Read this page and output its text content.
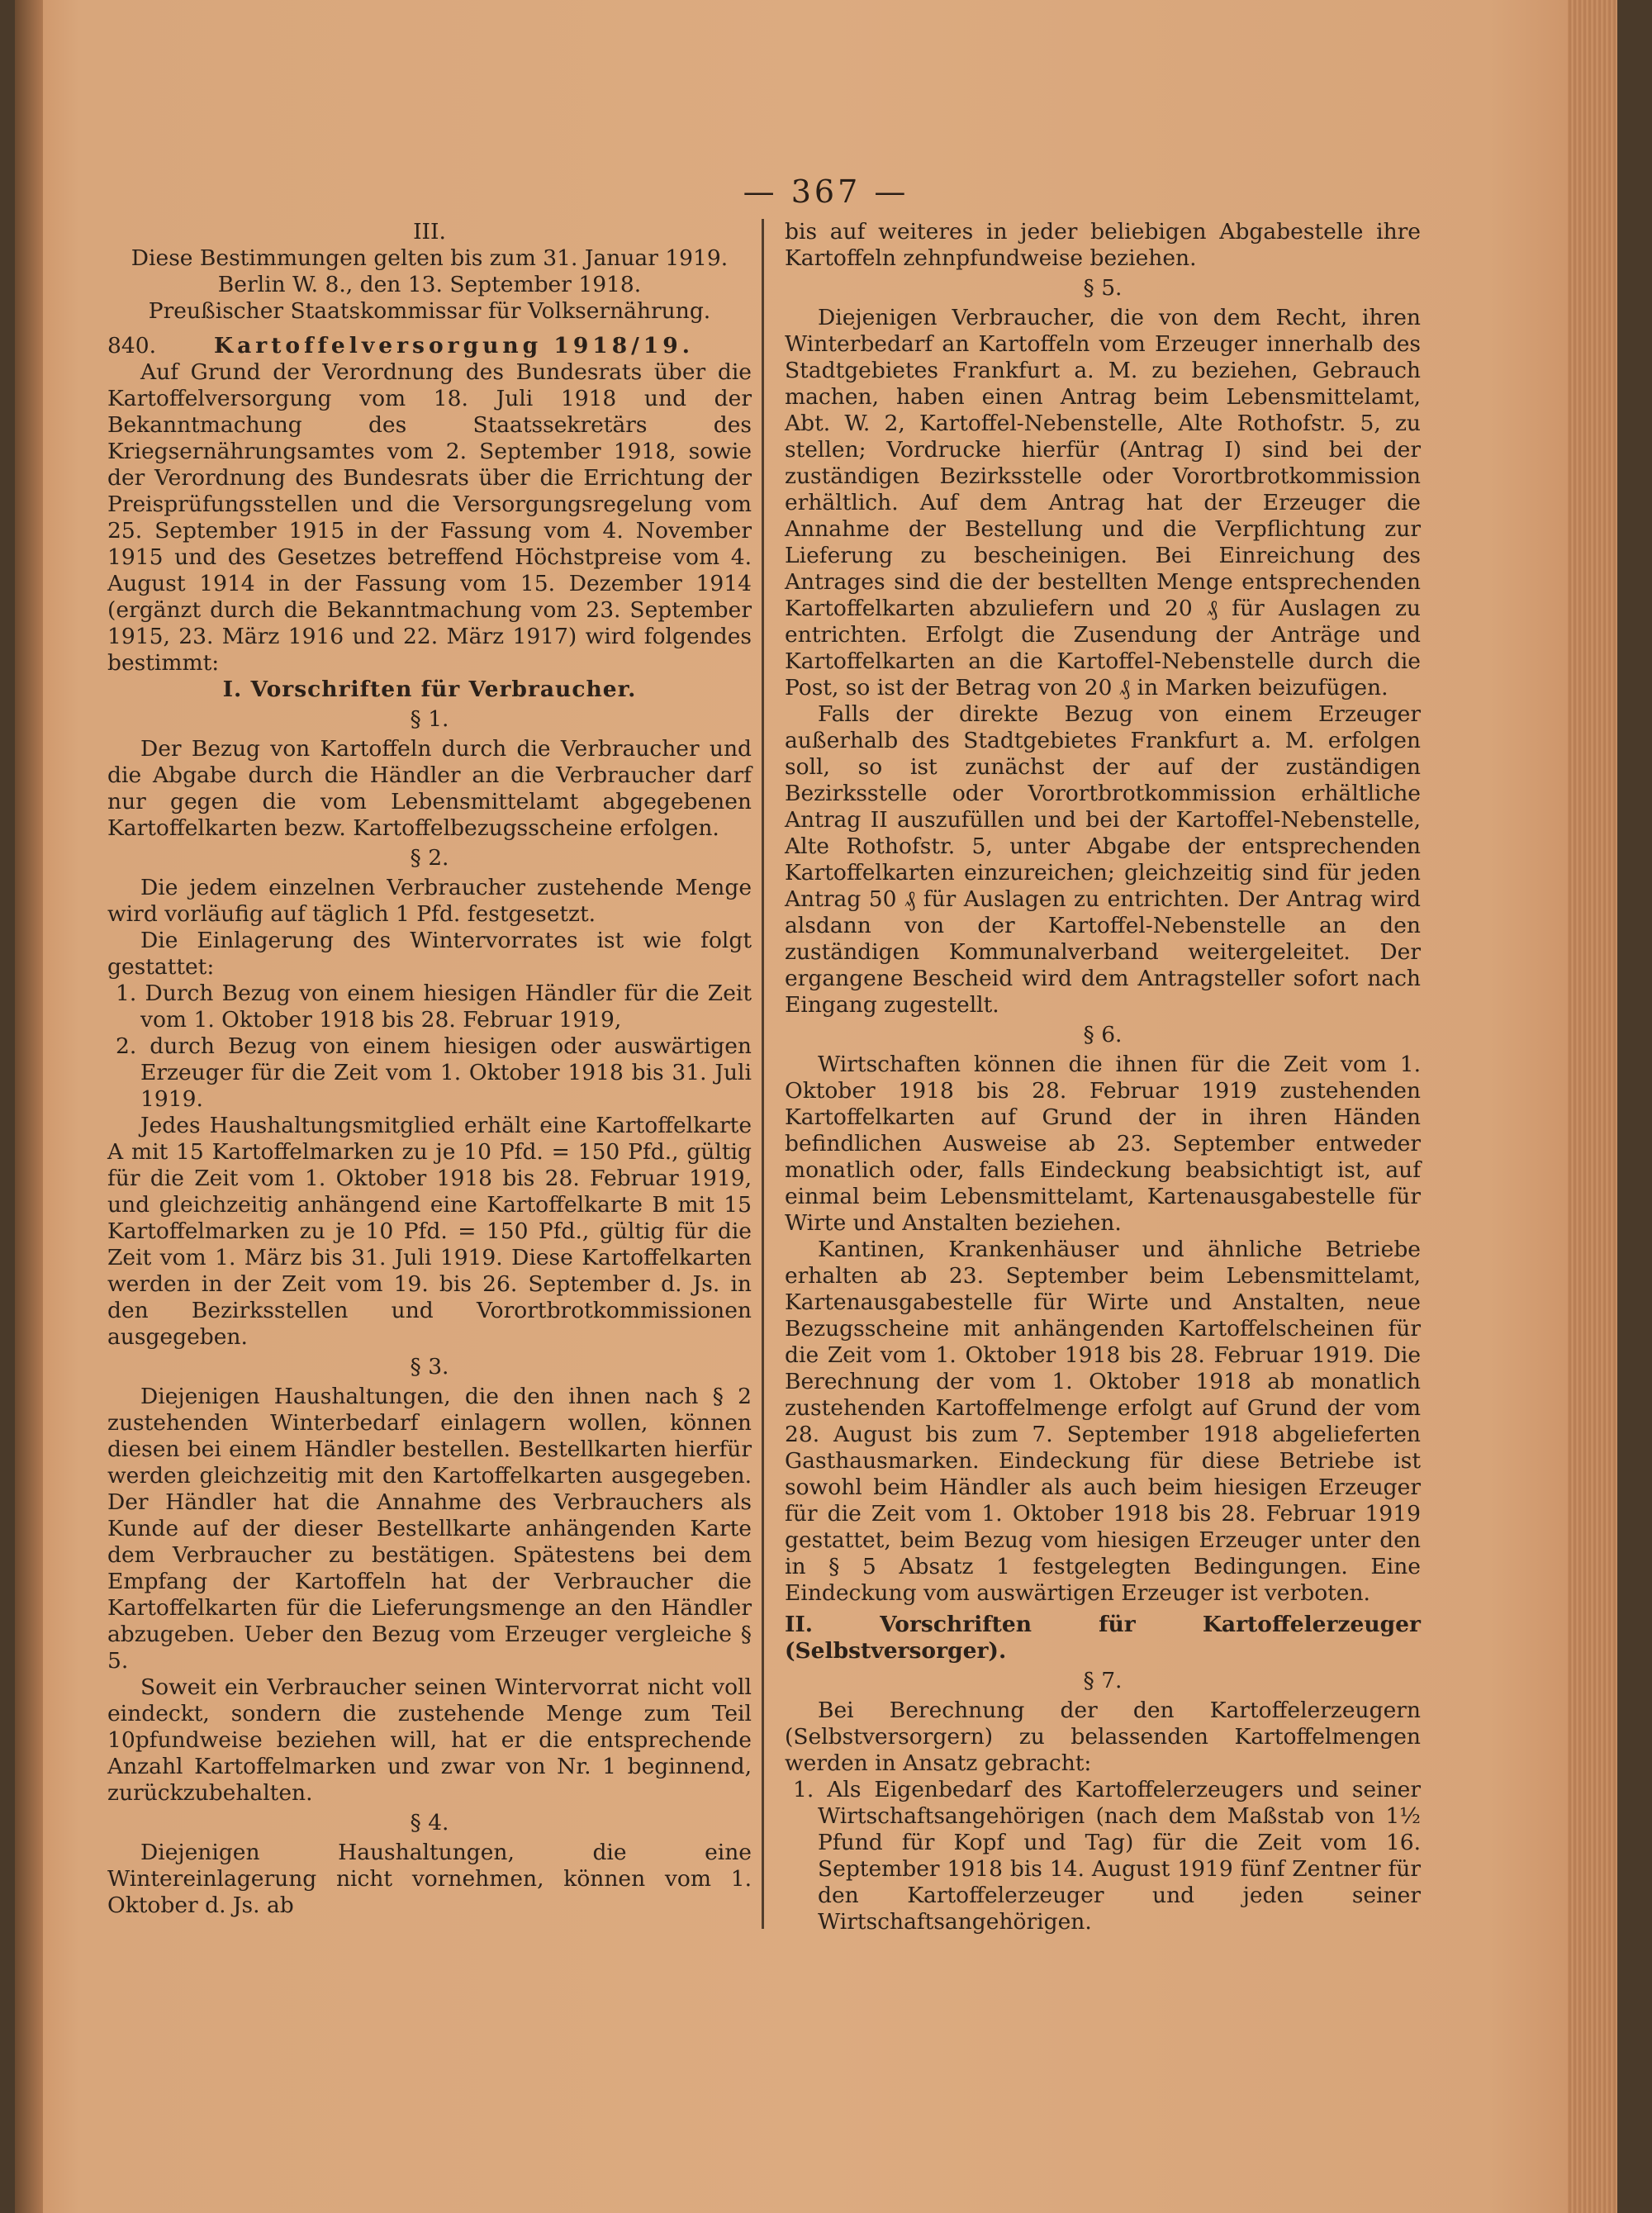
— 367 —

III.

Diese Bestimmungen gelten bis zum 31. Januar 1919.

Berlin W. 8., den 13. September 1918.

Preußischer Staatskommissar für Volksernährung.

840.	Kartoffelversorgung 1918/19.

Auf Grund der Verordnung des Bundesrats über die Kartoffelversorgung vom 18. Juli 1918 und der Bekanntmachung des Staatssekretärs des Kriegsernährungsamtes vom 2. September 1918, sowie der Verordnung des Bundesrats über die Errichtung der Preisprüfungsstellen und die Versorgungsregelung vom 25. September 1915 in der Fassung vom 4. November 1915 und des Gesetzes betreffend Höchstpreise vom 4. August 1914 in der Fassung vom 15. Dezember 1914 (ergänzt durch die Bekanntmachung vom 23. September 1915, 23. März 1916 und 22. März 1917) wird folgendes bestimmt:

I. Vorschriften für Verbraucher.

§ 1.

Der Bezug von Kartoffeln durch die Verbraucher und die Abgabe durch die Händler an die Verbraucher darf nur gegen die vom Lebensmittelamt abgegebenen Kartoffelkarten bezw. Kartoffelbezugsscheine erfolgen.

§ 2.

Die jedem einzelnen Verbraucher zustehende Menge wird vorläufig auf täglich 1 Pfd. festgesetzt.

Die Einlagerung des Wintervorrates ist wie folgt gestattet:

1. Durch Bezug von einem hiesigen Händler für die Zeit vom 1. Oktober 1918 bis 28. Februar 1919,

2. durch Bezug von einem hiesigen oder auswärtigen Erzeuger für die Zeit vom 1. Oktober 1918 bis 31. Juli 1919.

Jedes Haushaltungsmitglied erhält eine Kartoffelkarte A mit 15 Kartoffelmarken zu je 10 Pfd. = 150 Pfd., gültig für die Zeit vom 1. Oktober 1918 bis 28. Februar 1919, und gleichzeitig anhängend eine Kartoffelkarte B mit 15 Kartoffelmarken zu je 10 Pfd. = 150 Pfd., gültig für die Zeit vom 1. März bis 31. Juli 1919. Diese Kartoffelkarten werden in der Zeit vom 19. bis 26. September d. Js. in den Bezirksstellen und Vorortbrotkommissionen ausgegeben.

§ 3.

Diejenigen Haushaltungen, die den ihnen nach § 2 zustehenden Winterbedarf einlagern wollen, können diesen bei einem Händler bestellen. Bestellkarten hierfür werden gleichzeitig mit den Kartoffelkarten ausgegeben. Der Händler hat die Annahme des Verbrauchers als Kunde auf der dieser Bestellkarte anhängenden Karte dem Verbraucher zu bestätigen. Spätestens bei dem Empfang der Kartoffeln hat der Verbraucher die Kartoffelkarten für die Lieferungsmenge an den Händler abzugeben. Ueber den Bezug vom Erzeuger vergleiche § 5.

Soweit ein Verbraucher seinen Wintervorrat nicht voll eindeckt, sondern die zustehende Menge zum Teil 10pfundweise beziehen will, hat er die entsprechende Anzahl Kartoffelmarken und zwar von Nr. 1 beginnend, zurückzubehalten.

§ 4.

Diejenigen Haushaltungen, die eine Wintereinlagerung nicht vornehmen, können vom 1. Oktober d. Js. ab

bis auf weiteres in jeder beliebigen Abgabestelle ihre Kartoffeln zehnpfundweise beziehen.

§ 5.

Diejenigen Verbraucher, die von dem Recht, ihren Winterbedarf an Kartoffeln vom Erzeuger innerhalb des Stadtgebietes Frankfurt a. M. zu beziehen, Gebrauch machen, haben einen Antrag beim Lebensmittelamt, Abt. W. 2, Kartoffel-Nebenstelle, Alte Rothofstr. 5, zu stellen; Vordrucke hierfür (Antrag I) sind bei der zuständigen Bezirksstelle oder Vorortbrotkommission erhältlich. Auf dem Antrag hat der Erzeuger die Annahme der Bestellung und die Verpflichtung zur Lieferung zu bescheinigen. Bei Einreichung des Antrages sind die der bestellten Menge entsprechenden Kartoffelkarten abzuliefern und 20 ₰ für Auslagen zu entrichten. Erfolgt die Zusendung der Anträge und Kartoffelkarten an die Kartoffel-Nebenstelle durch die Post, so ist der Betrag von 20 ₰ in Marken beizufügen.

Falls der direkte Bezug von einem Erzeuger außerhalb des Stadtgebietes Frankfurt a. M. erfolgen soll, so ist zunächst der auf der zuständigen Bezirksstelle oder Vorortbrotkommission erhältliche Antrag II auszufüllen und bei der Kartoffel-Nebenstelle, Alte Rothofstr. 5, unter Abgabe der entsprechenden Kartoffelkarten einzureichen; gleichzeitig sind für jeden Antrag 50 ₰ für Auslagen zu entrichten. Der Antrag wird alsdann von der Kartoffel-Nebenstelle an den zuständigen Kommunalverband weitergeleitet. Der ergangene Bescheid wird dem Antragsteller sofort nach Eingang zugestellt.

§ 6.

Wirtschaften können die ihnen für die Zeit vom 1. Oktober 1918 bis 28. Februar 1919 zustehenden Kartoffelkarten auf Grund der in ihren Händen befindlichen Ausweise ab 23. September entweder monatlich oder, falls Eindeckung beabsichtigt ist, auf einmal beim Lebensmittelamt, Kartenausgabestelle für Wirte und Anstalten beziehen.

Kantinen, Krankenhäuser und ähnliche Betriebe erhalten ab 23. September beim Lebensmittelamt, Kartenausgabestelle für Wirte und Anstalten, neue Bezugsscheine mit anhängenden Kartoffelscheinen für die Zeit vom 1. Oktober 1918 bis 28. Februar 1919. Die Berechnung der vom 1. Oktober 1918 ab monatlich zustehenden Kartoffelmenge erfolgt auf Grund der vom 28. August bis zum 7. September 1918 abgelieferten Gasthausmarken. Eindeckung für diese Betriebe ist sowohl beim Händler als auch beim hiesigen Erzeuger für die Zeit vom 1. Oktober 1918 bis 28. Februar 1919 gestattet, beim Bezug vom hiesigen Erzeuger unter den in § 5 Absatz 1 festgelegten Bedingungen. Eine Eindeckung vom auswärtigen Erzeuger ist verboten.

II. Vorschriften für Kartoffelerzeuger (Selbstversorger).

§ 7.

Bei Berechnung der den Kartoffelerzeugern (Selbstversorgern) zu belassenden Kartoffelmengen werden in Ansatz gebracht:

1. Als Eigenbedarf des Kartoffelerzeugers und seiner Wirtschaftsangehörigen (nach dem Maßstab von 1½ Pfund für Kopf und Tag) für die Zeit vom 16. September 1918 bis 14. August 1919 fünf Zentner für den Kartoffelerzeuger und jeden seiner Wirtschaftsangehörigen.
